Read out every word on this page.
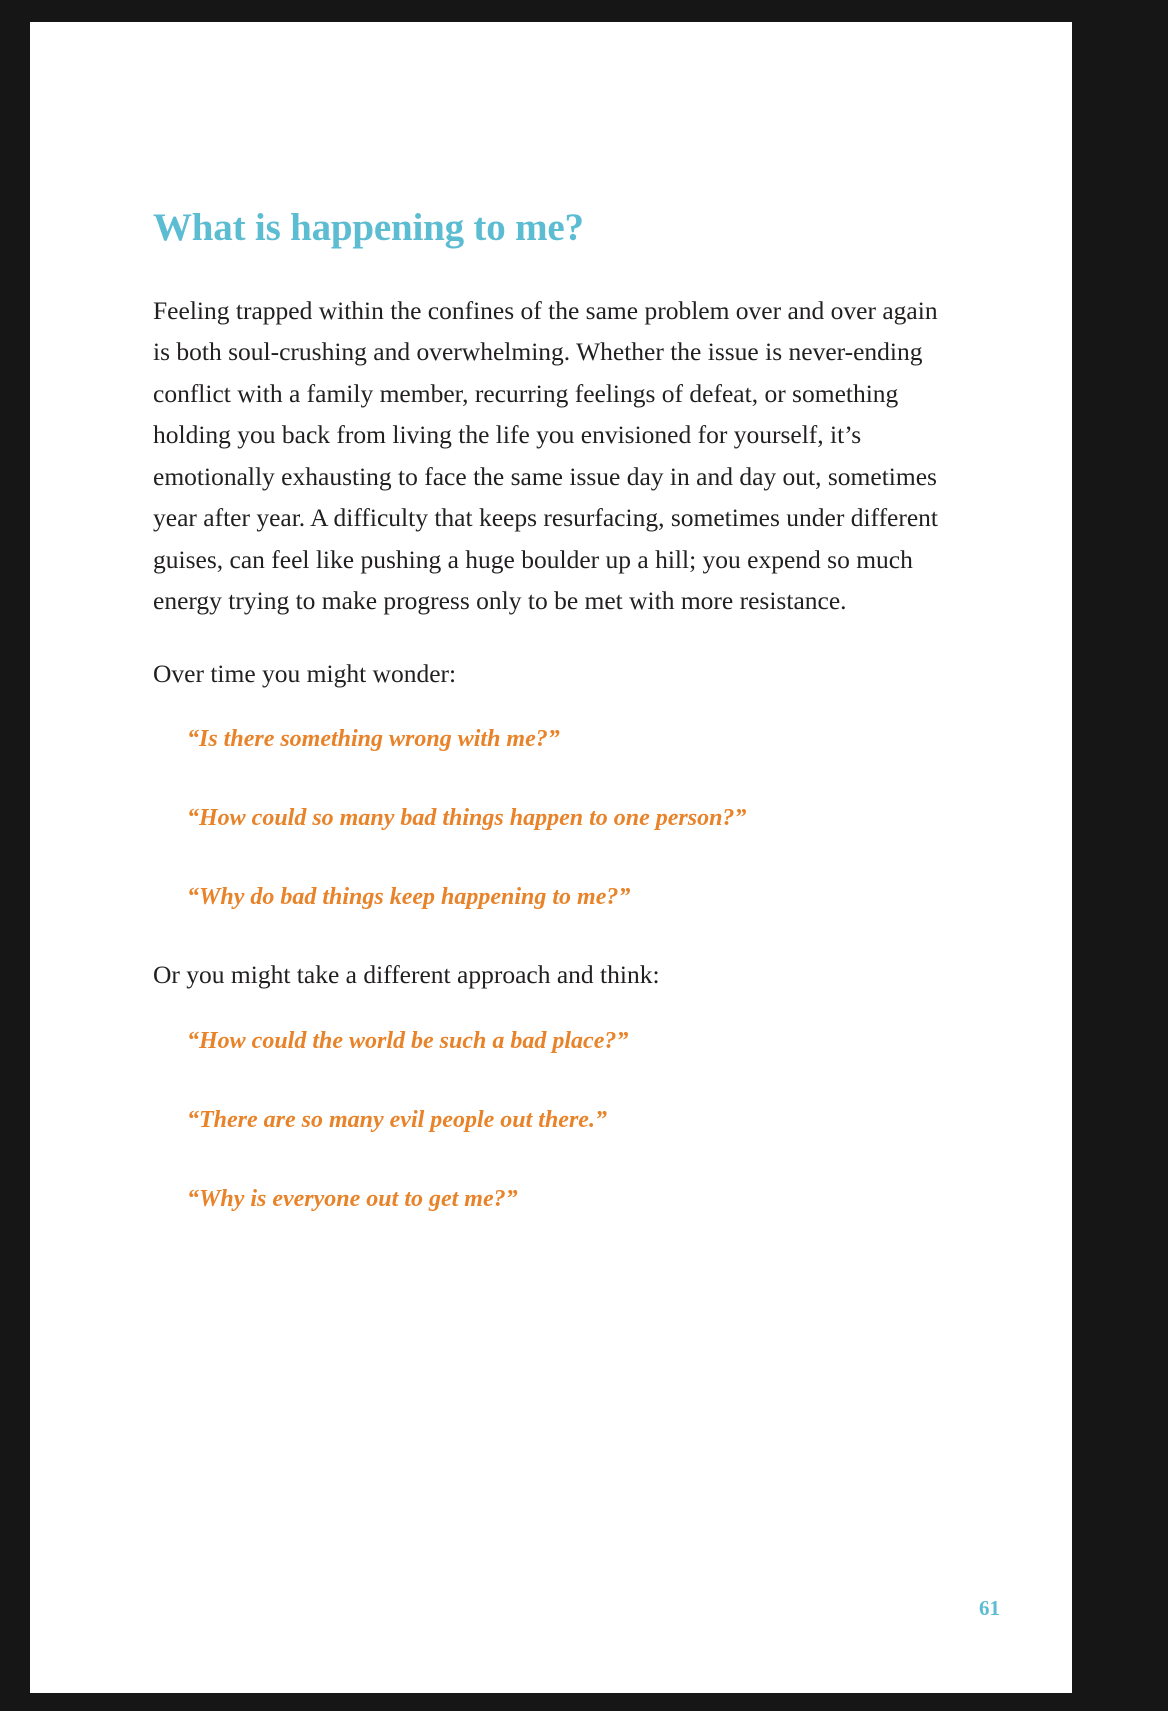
What is happening to me?

Feeling trapped within the confines of the same problem over and over again is both soul-crushing and overwhelming. Whether the issue is never-ending conflict with a family member, recurring feelings of defeat, or something holding you back from living the life you envisioned for yourself, it’s emotionally exhausting to face the same issue day in and day out, sometimes year after year. A difficulty that keeps resurfacing, sometimes under different guises, can feel like pushing a huge boulder up a hill; you expend so much energy trying to make progress only to be met with more resistance.

Over time you might wonder:

“Is there something wrong with me?”

“How could so many bad things happen to one person?”

“Why do bad things keep happening to me?”

Or you might take a different approach and think:

“How could the world be such a bad place?”

“There are so many evil people out there.”

“Why is everyone out to get me?”

61
